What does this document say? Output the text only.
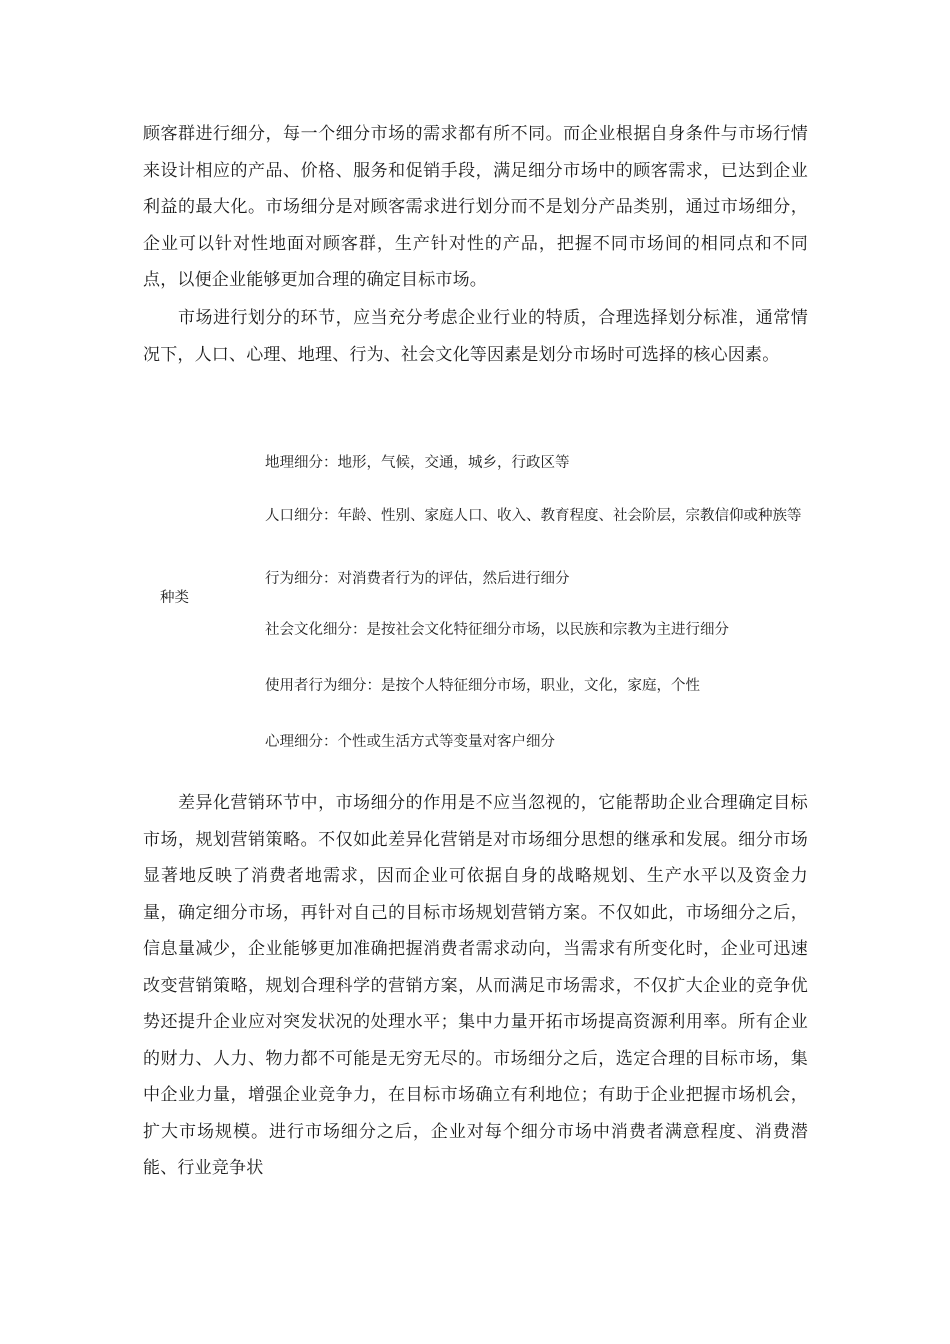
顾客群进行细分，每一个细分市场的需求都有所不同。而企业根据自身条件与市场行情来设计相应的产品、价格、服务和促销手段，满足细分市场中的顾客需求，已达到企业利益的最大化。市场细分是对顾客需求进行划分而不是划分产品类别，通过市场细分，企业可以针对性地面对顾客群，生产针对性的产品，把握不同市场间的相同点和不同点，以便企业能够更加合理的确定目标市场。

市场进行划分的环节，应当充分考虑企业行业的特质，合理选择划分标准，通常情况下，人口、心理、地理、行为、社会文化等因素是划分市场时可选择的核心因素。

种类
地理细分：地形，气候，交通，城乡，行政区等
人口细分：年龄、性别、家庭人口、收入、教育程度、社会阶层，宗教信仰或种族等
行为细分：对消费者行为的评估，然后进行细分
社会文化细分：是按社会文化特征细分市场，以民族和宗教为主进行细分
使用者行为细分：是按个人特征细分市场，职业，文化，家庭，个性
心理细分：个性或生活方式等变量对客户细分

差异化营销环节中，市场细分的作用是不应当忽视的，它能帮助企业合理确定目标市场，规划营销策略。不仅如此差异化营销是对市场细分思想的继承和发展。细分市场显著地反映了消费者地需求，因而企业可依据自身的战略规划、生产水平以及资金力量，确定细分市场，再针对自己的目标市场规划营销方案。不仅如此，市场细分之后，信息量减少，企业能够更加准确把握消费者需求动向，当需求有所变化时，企业可迅速改变营销策略，规划合理科学的营销方案，从而满足市场需求，不仅扩大企业的竞争优势还提升企业应对突发状况的处理水平；集中力量开拓市场提高资源利用率。所有企业的财力、人力、物力都不可能是无穷无尽的。市场细分之后，选定合理的目标市场，集中企业力量，增强企业竞争力，在目标市场确立有利地位；有助于企业把握市场机会，扩大市场规模。进行市场细分之后，企业对每个细分市场中消费者满意程度、消费潜能、行业竞争状
